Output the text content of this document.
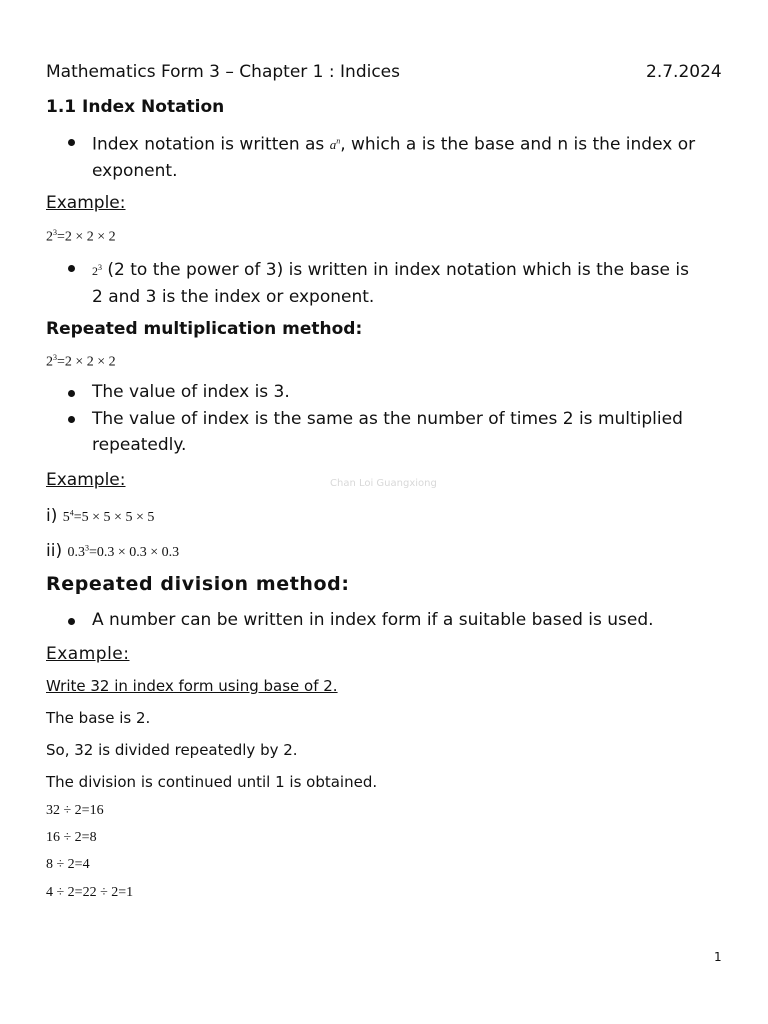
Mathematics Form 3 – Chapter 1 : Indices	2.7.2024
1.1 Index Notation
Index notation is written as $a^n$, which a is the base and n is the index or exponent.
Example:
$2^3=2 \times 2 \times 2$
$2^3$ (2 to the power of 3) is written in index notation which is the base is 2 and 3 is the index or exponent.
Repeated multiplication method:
$2^3=2 \times 2 \times 2$
The value of index is 3.
The value of index is the same as the number of times 2 is multiplied repeatedly.
Example:	Chan Loi Guangxiong
i) $5^4=5 \times 5 \times 5 \times 5$
ii) $0.3^3=0.3 \times 0.3 \times 0.3$
Repeated division method:
A number can be written in index form if a suitable based is used.
Example:
Write 32 in index form using base of 2.
The base is 2.
So, 32 is divided repeatedly by 2.
The division is continued until 1 is obtained.
32 ÷ 2=16
16 ÷ 2=8
8 ÷ 2=4
4 ÷ 2=22 ÷ 2=1
1
